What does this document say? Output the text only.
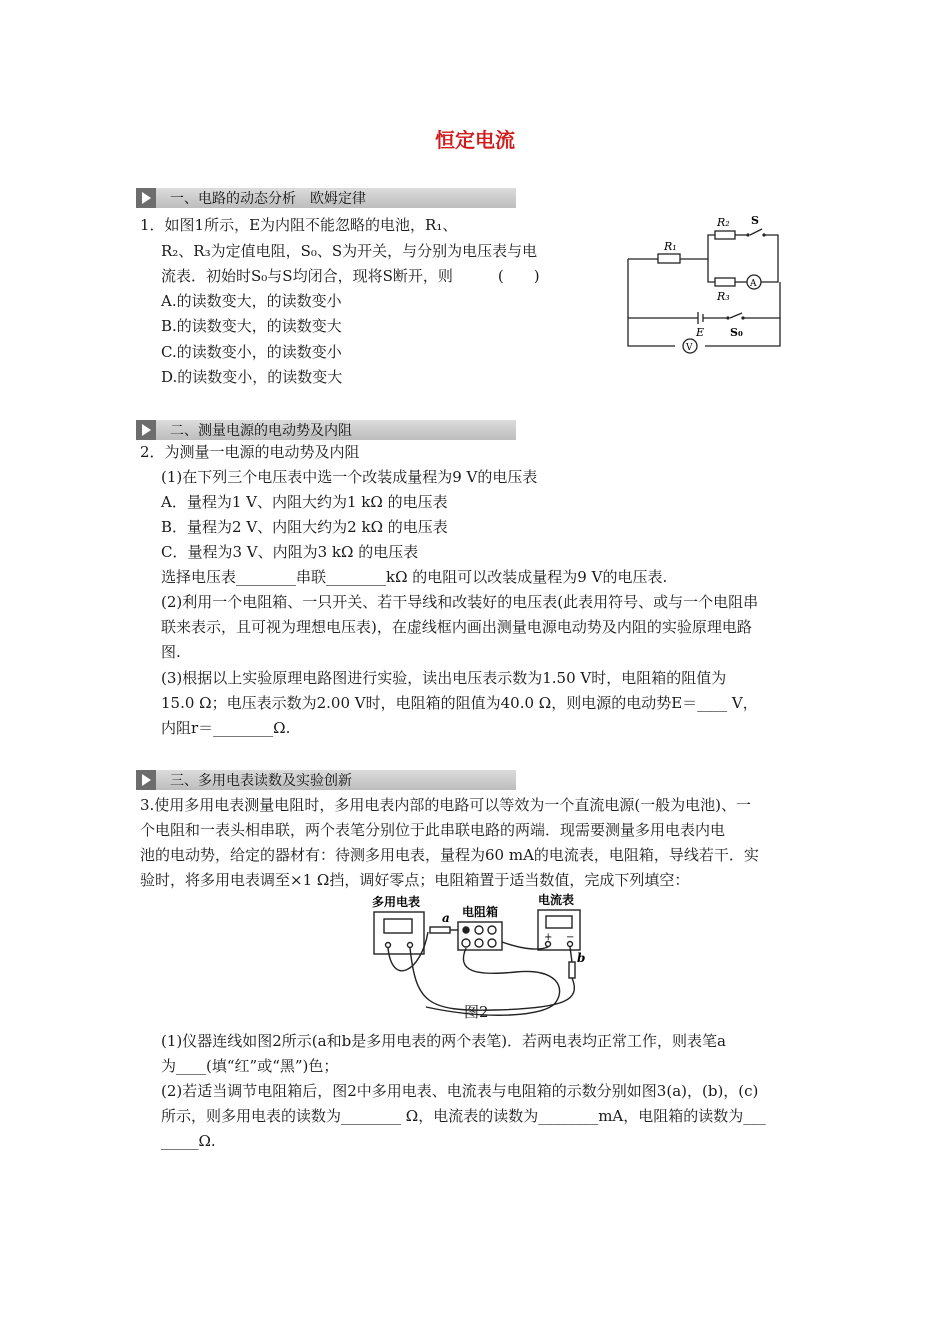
恒定电流
一、电路的动态分析　欧姆定律
1．如图1所示，E为内阻不能忽略的电池，R₁、
R₂、R₃为定值电阻，S₀、S为开关，与分别为电压表与电
流表．初始时S₀与S均闭合，现将S断开，则　　　(　　)
A.的读数变大，的读数变小
B.的读数变大，的读数变大
C.的读数变小，的读数变小
D.的读数变小，的读数变大
R₁
R₂ S
R₃
A
E S₀
V
二、测量电源的电动势及内阻
2．为测量一电源的电动势及内阻
(1)在下列三个电压表中选一个改装成量程为9 V的电压表
A．量程为1 V、内阻大约为1 kΩ 的电压表
B．量程为2 V、内阻大约为2 kΩ 的电压表
C．量程为3 V、内阻为3 kΩ 的电压表
选择电压表________串联________kΩ 的电阻可以改装成量程为9 V的电压表.
(2)利用一个电阻箱、一只开关、若干导线和改装好的电压表(此表用符号、或与一个电阻串
联来表示，且可视为理想电压表)，在虚线框内画出测量电源电动势及内阻的实验原理电路
图.
(3)根据以上实验原理电路图进行实验，读出电压表示数为1.50 V时，电阻箱的阻值为
15.0 Ω；电压表示数为2.00 V时，电阻箱的阻值为40.0 Ω，则电源的电动势E＝____ V，
内阻r＝________Ω.
三、多用电表读数及实验创新
3.使用多用电表测量电阻时，多用电表内部的电路可以等效为一个直流电源(一般为电池)、一
个电阻和一表头相串联，两个表笔分别位于此串联电路的两端．现需要测量多用电表内电
池的电动势，给定的器材有：待测多用电表，量程为60 mA的电流表，电阻箱，导线若干．实
验时，将多用电表调至×1 Ω挡，调好零点；电阻箱置于适当数值，完成下列填空：
多用电表
电阻箱
电流表
a
b
+ −
图2
(1)仪器连线如图2所示(a和b是多用电表的两个表笔)．若两电表均正常工作，则表笔a
为____(填“红”或“黑”)色；
(2)若适当调节电阻箱后，图2中多用电表、电流表与电阻箱的示数分别如图3(a)，(b)，(c)
所示，则多用电表的读数为________ Ω，电流表的读数为________mA，电阻箱的读数为___
_____Ω.
